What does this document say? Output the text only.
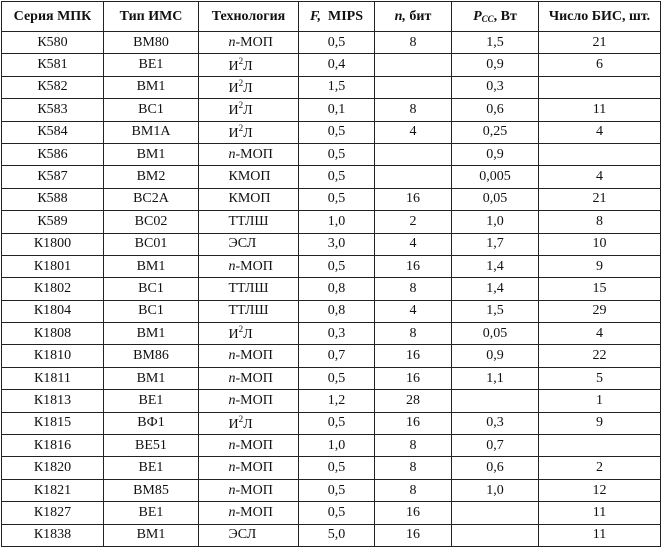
Серия МПК	Тип ИМС	Технология	F, MIPS	n, бит	$P_{CC}$, Вт	Число БИС, шт.
К580	ВМ80	n-МОП	0,5	8	1,5	21
К581	ВЕ1	$И^2Л$	0,4		0,9	6
К582	ВМ1	$И^2Л$	1,5		0,3	
К583	ВС1	$И^2Л$	0,1	8	0,6	11
К584	ВМ1А	$И^2Л$	0,5	4	0,25	4
К586	ВМ1	n-МОП	0,5		0,9	
К587	ВМ2	КМОП	0,5		0,005	4
К588	ВС2А	КМОП	0,5	16	0,05	21
К589	ВС02	ТТЛШ	1,0	2	1,0	8
К1800	ВС01	ЭСЛ	3,0	4	1,7	10
К1801	ВМ1	n-МОП	0,5	16	1,4	9
К1802	ВС1	ТТЛШ	0,8	8	1,4	15
К1804	ВС1	ТТЛШ	0,8	4	1,5	29
К1808	ВМ1	$И^2Л$	0,3	8	0,05	4
К1810	ВМ86	n-МОП	0,7	16	0,9	22
К1811	ВМ1	n-МОП	0,5	16	1,1	5
К1813	ВЕ1	n-МОП	1,2	28		1
К1815	ВФ1	$И^2Л$	0,5	16	0,3	9
К1816	ВЕ51	n-МОП	1,0	8	0,7	
К1820	ВЕ1	n-МОП	0,5	8	0,6	2
К1821	ВМ85	n-МОП	0,5	8	1,0	12
К1827	ВЕ1	n-МОП	0,5	16		11
К1838	ВМ1	ЭСЛ	5,0	16		11
